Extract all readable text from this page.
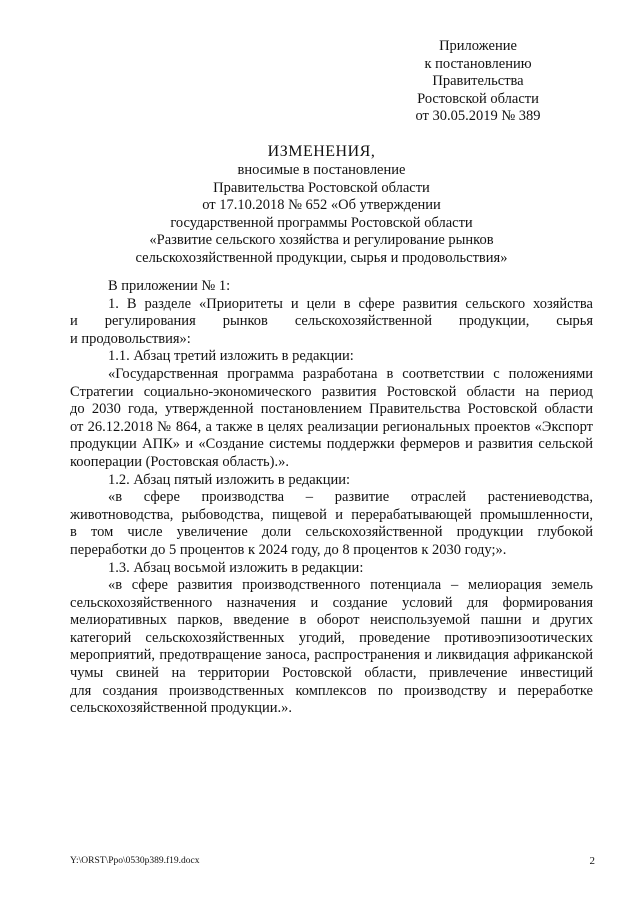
Приложение
к постановлению
Правительства
Ростовской области
от 30.05.2019 № 389
ИЗМЕНЕНИЯ,
вносимые в постановление
Правительства Ростовской области
от 17.10.2018 № 652 «Об утверждении
государственной программы Ростовской области
«Развитие сельского хозяйства и регулирование рынков
сельскохозяйственной продукции, сырья и продовольствия»
В приложении № 1:
1. В разделе «Приоритеты и цели в сфере развития сельского хозяйства
и регулирования рынков сельскохозяйственной продукции, сырья
и продовольствия»:
1.1. Абзац третий изложить в редакции:
«Государственная программа разработана в соответствии с положениями
Стратегии социально-экономического развития Ростовской области на период
до 2030 года, утвержденной постановлением Правительства Ростовской области
от 26.12.2018 № 864, а также в целях реализации региональных проектов «Экспорт
продукции АПК» и «Создание системы поддержки фермеров и развития сельской
кооперации (Ростовская область).».
1.2. Абзац пятый изложить в редакции:
«в сфере производства – развитие отраслей растениеводства,
животноводства, рыбоводства, пищевой и перерабатывающей промышленности,
в том числе увеличение доли сельскохозяйственной продукции глубокой
переработки до 5 процентов к 2024 году, до 8 процентов к 2030 году;».
1.3. Абзац восьмой изложить в редакции:
«в сфере развития производственного потенциала – мелиорация земель
сельскохозяйственного назначения и создание условий для формирования
мелиоративных парков, введение в оборот неиспользуемой пашни и других
категорий сельскохозяйственных угодий, проведение противоэпизоотических
мероприятий, предотвращение заноса, распространения и ликвидация африканской
чумы свиней на территории Ростовской области, привлечение инвестиций
для создания производственных комплексов по производству и переработке
сельскохозяйственной продукции.».
Y:\ORST\Ppo\0530p389.f19.docx	2
